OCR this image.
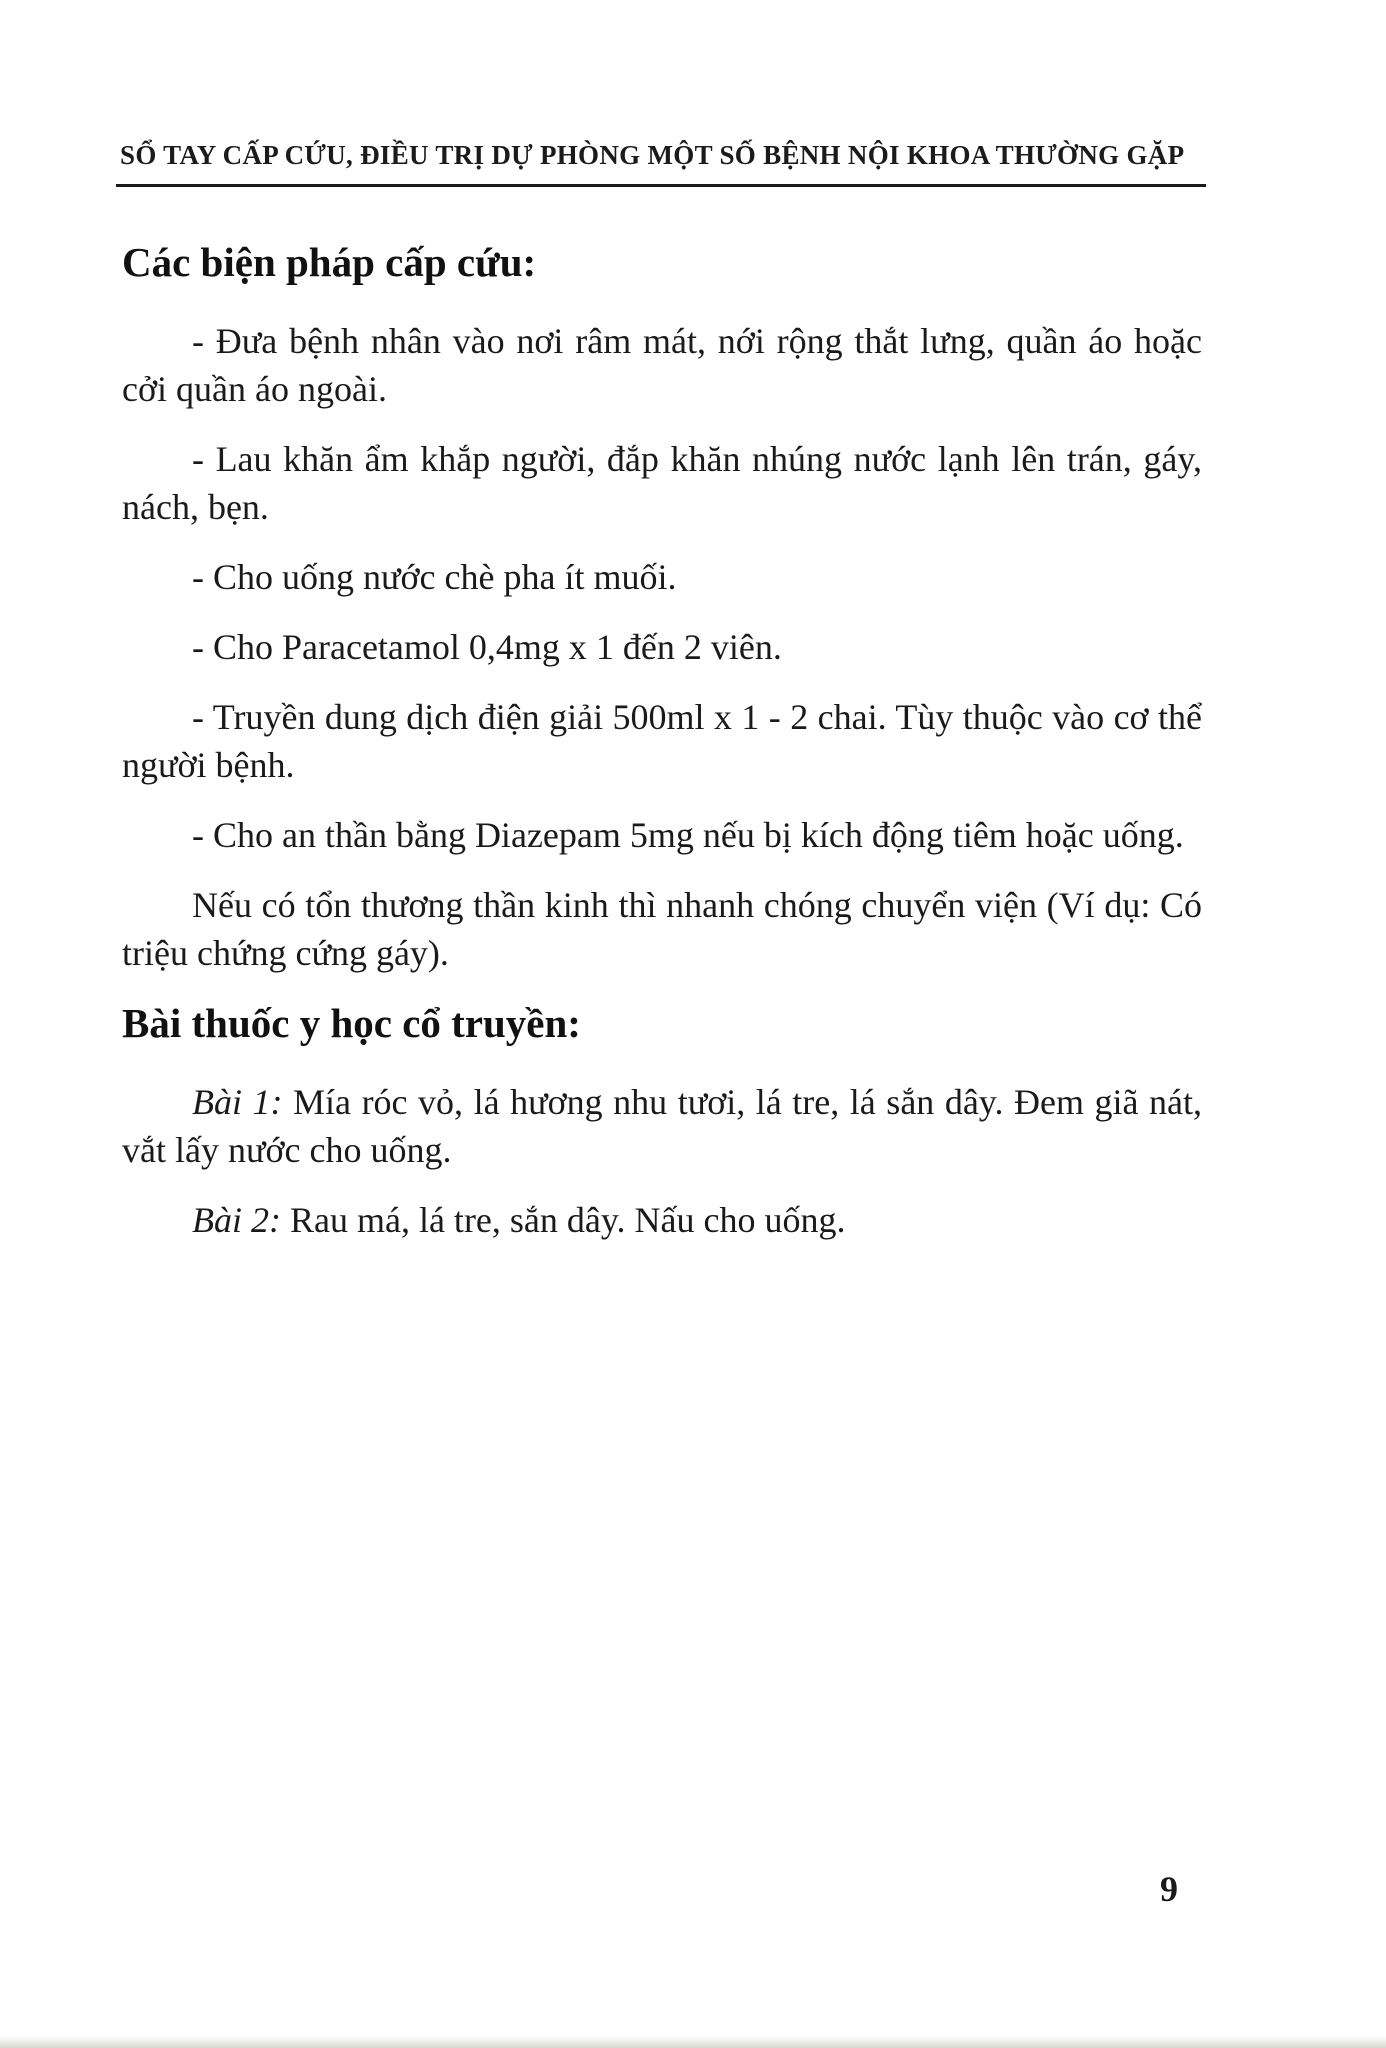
SỔ TAY CẤP CỨU, ĐIỀU TRỊ DỰ PHÒNG MỘT SỐ BỆNH NỘI KHOA THƯỜNG GẶP
Các biện pháp cấp cứu:

- Đưa bệnh nhân vào nơi râm mát, nới rộng thắt lưng, quần áo hoặc cởi quần áo ngoài.

- Lau khăn ẩm khắp người, đắp khăn nhúng nước lạnh lên trán, gáy, nách, bẹn.

- Cho uống nước chè pha ít muối.

- Cho Paracetamol 0,4mg x 1 đến 2 viên.

- Truyền dung dịch điện giải 500ml x 1 - 2 chai. Tùy thuộc vào cơ thể người bệnh.

- Cho an thần bằng Diazepam 5mg nếu bị kích động tiêm hoặc uống.

Nếu có tổn thương thần kinh thì nhanh chóng chuyển viện (Ví dụ: Có triệu chứng cứng gáy).

Bài thuốc y học cổ truyền:

Bài 1: Mía róc vỏ, lá hương nhu tươi, lá tre, lá sắn dây. Đem giã nát, vắt lấy nước cho uống.

Bài 2: Rau má, lá tre, sắn dây. Nấu cho uống.

9
